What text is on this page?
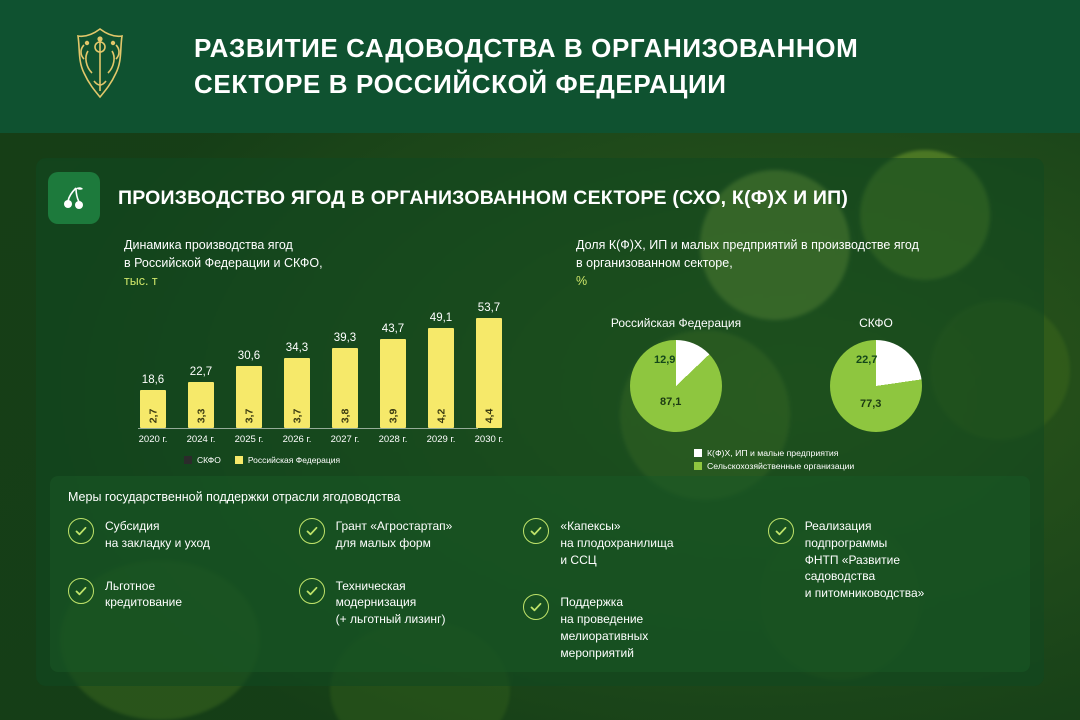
РАЗВИТИЕ САДОВОДСТВА В ОРГАНИЗОВАННОМ СЕКТОРЕ В РОССИЙСКОЙ ФЕДЕРАЦИИ
ПРОИЗВОДСТВО ЯГОД В ОРГАНИЗОВАННОМ СЕКТОРЕ (СХО, К(Ф)Х И ИП)
Динамика производства ягод
в Российской Федерации и СКФО,
тыс. т
18,6
2,7
22,7
3,3
30,6
3,7
34,3
3,7
39,3
3,8
43,7
3,9
49,1
4,2
53,7
4,4
2020 г. 2024 г. 2025 г. 2026 г. 2027 г. 2028 г. 2029 г. 2030 г.
СКФО	Российская Федерация
Доля К(Ф)Х, ИП и малых предприятий в производстве ягод
в организованном секторе,
%
Российская Федерация
12,9
87,1
СКФО
22,7
77,3
К(Ф)Х, ИП и малые предприятия
Сельскохозяйственные организации
Меры государственной поддержки отрасли ягодоводства
Субсидия
на закладку и уход
Льготное
кредитование
Грант «Агростартап»
для малых форм
Техническая
модернизация
(+ льготный лизинг)
«Капексы»
на плодохранилища
и ССЦ
Поддержка
на проведение
мелиоративных
мероприятий
Реализация
подпрограммы
ФНТП «Развитие
садоводства
и питомниководства»
